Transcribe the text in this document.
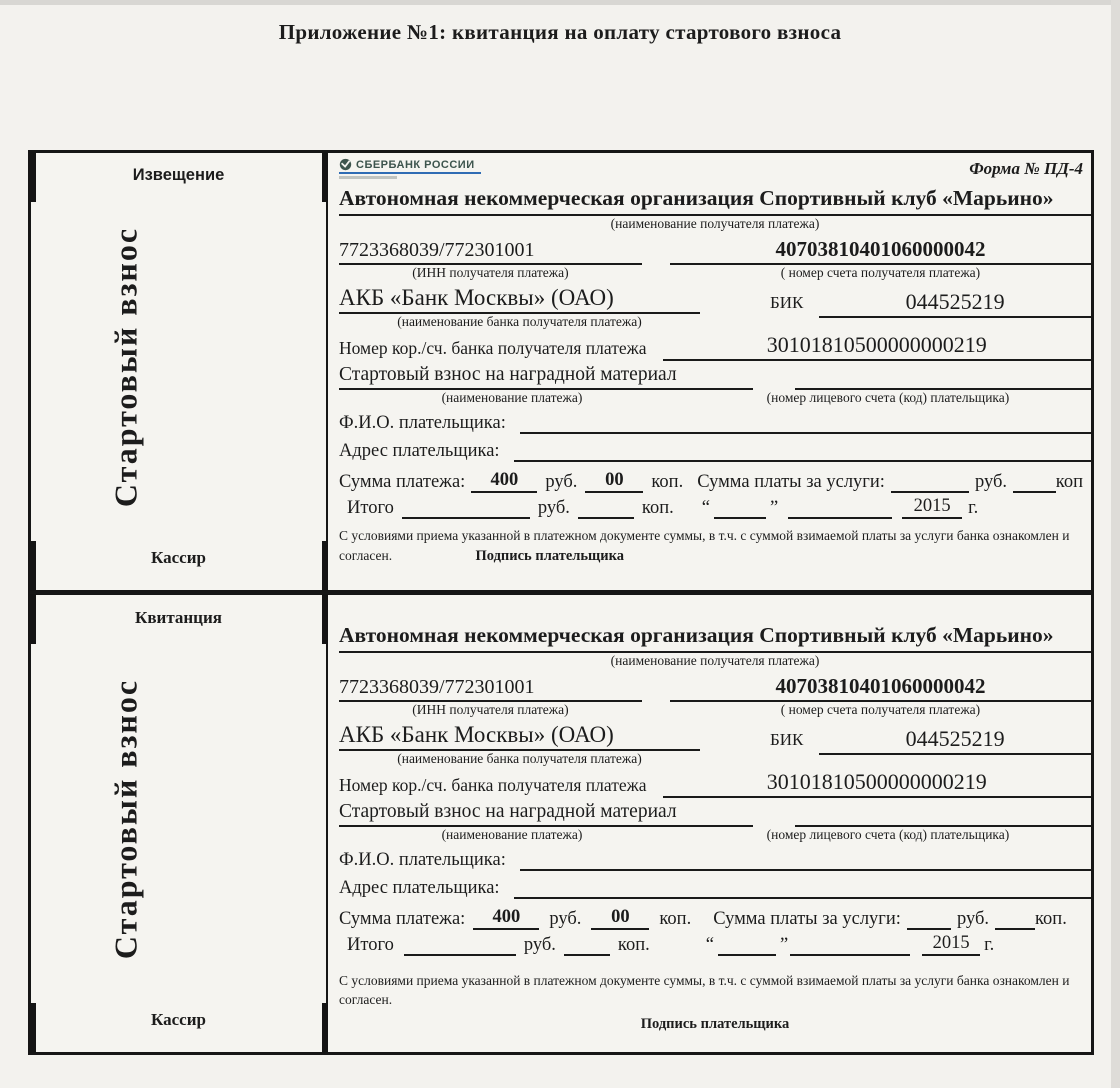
Приложение №1: квитанция на оплату стартового взноса
Извещение
Стартовый взнос
Кассир
СБЕРБАНК РОССИИ	Форма № ПД-4
Автономная некоммерческая организация Спортивный клуб «Марьино»
(наименование получателя платежа)
7723368039/772301001
(ИНН получателя платежа)
40703810401060000042
( номер счета получателя платежа)
АКБ «Банк Москвы» (ОАО)
(наименование банка получателя платежа)
БИК	044525219
Номер кор./сч. банка получателя платежа	30101810500000000219
Стартовый взнос на наградной материал
(наименование платежа)	(номер лицевого счета (код) плательщика)
Ф.И.О. плательщика:
Адрес плательщика:
Сумма платежа:	400	руб.	00	коп. Сумма платы за услуги:	руб.	коп
Итого	руб.	коп. “	”	2015 г.
С условиями приема указанной в платежном документе суммы, в т.ч. с суммой взимаемой платы за услуги банка ознакомлен и согласен.	Подпись плательщика
Квитанция
Стартовый взнос
Кассир
Автономная некоммерческая организация Спортивный клуб «Марьино»
(наименование получателя платежа)
7723368039/772301001
(ИНН получателя платежа)
40703810401060000042
( номер счета получателя платежа)
АКБ «Банк Москвы» (ОАО)
(наименование банка получателя платежа)
БИК	044525219
Номер кор./сч. банка получателя платежа	30101810500000000219
Стартовый взнос на наградной материал
(наименование платежа)	(номер лицевого счета (код) плательщика)
Ф.И.О. плательщика:
Адрес плательщика:
Сумма платежа:	400	руб.	00	коп. Сумма платы за услуги:	руб. коп.
Итого	руб.	коп.	“	”	2015 г.
С условиями приема указанной в платежном документе суммы, в т.ч. с суммой взимаемой платы за услуги банка ознакомлен и согласен.
Подпись плательщика
